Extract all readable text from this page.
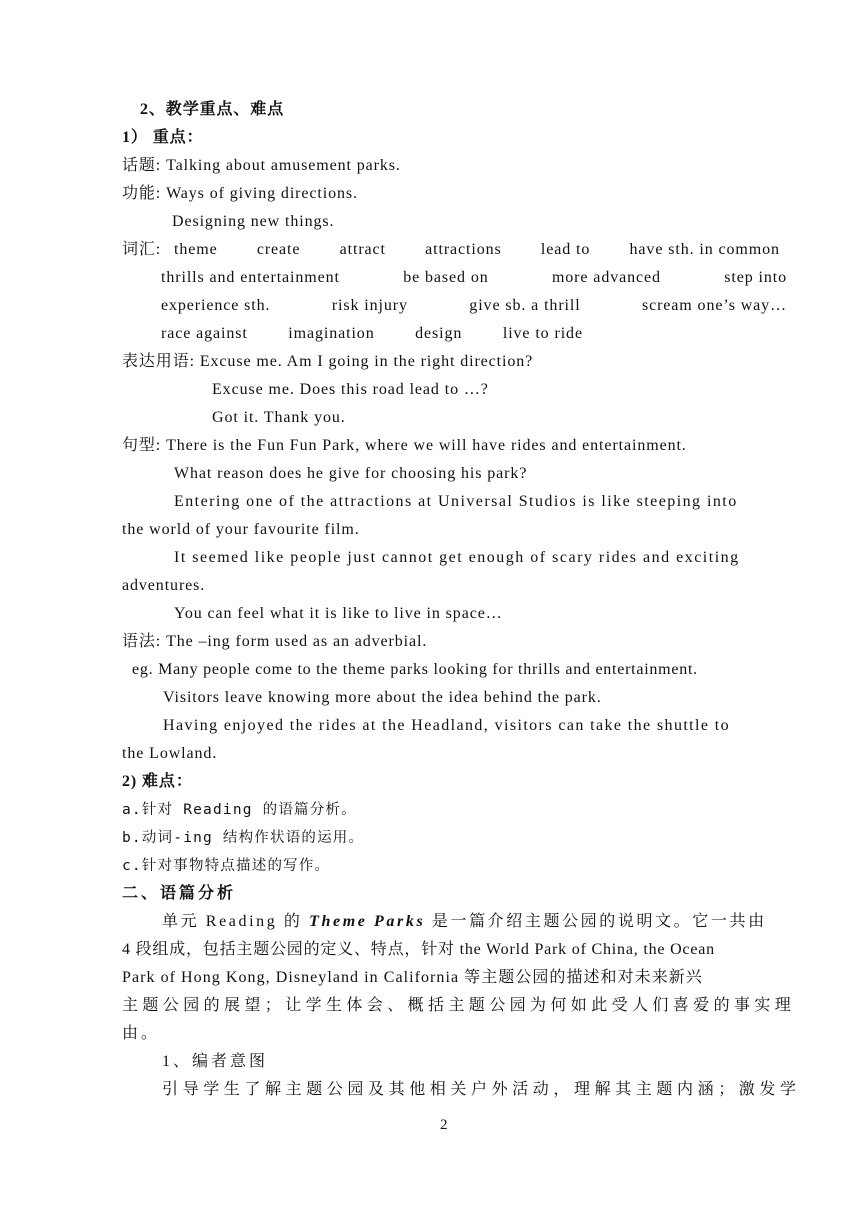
2、教学重点、难点
1） 重点：
话题: Talking about amusement parks.
功能: Ways of giving directions.
Designing new things.
词汇: theme create attract attractions lead to have sth. in common
thrills and entertainment	be based on	more advanced	step into
experience sth.	risk injury	give sb. a thrill	scream one’s way…
race against	imagination	design	live to ride
表达用语: Excuse me. Am I going in the right direction?
Excuse me. Does this road lead to …?
Got it. Thank you.
句型: There is the Fun Fun Park, where we will have rides and entertainment.
What reason does he give for choosing his park?
Entering one of the attractions at Universal Studios is like steeping into
the world of your favourite film.
It seemed like people just cannot get enough of scary rides and exciting
adventures.
You can feel what it is like to live in space…
语法: The –ing form used as an adverbial.
eg. Many people come to the theme parks looking for thrills and entertainment.
Visitors leave knowing more about the idea behind the park.
Having enjoyed the rides at the Headland, visitors can take the shuttle to
the Lowland.
2) 难点：
a.针对 Reading 的语篇分析。
b.动词-ing 结构作状语的运用。
c.针对事物特点描述的写作。
二、语篇分析
单元 Reading 的 Theme Parks 是一篇介绍主题公园的说明文。它一共由
4 段组成，包括主题公园的定义、特点，针对 the World Park of China, the Ocean
Park of Hong Kong, Disneyland in California 等主题公园的描述和对未来新兴
主题公园的展望；让学生体会、概括主题公园为何如此受人们喜爱的事实理
由。
1、编者意图
引导学生了解主题公园及其他相关户外活动，理解其主题内涵；激发学
2
